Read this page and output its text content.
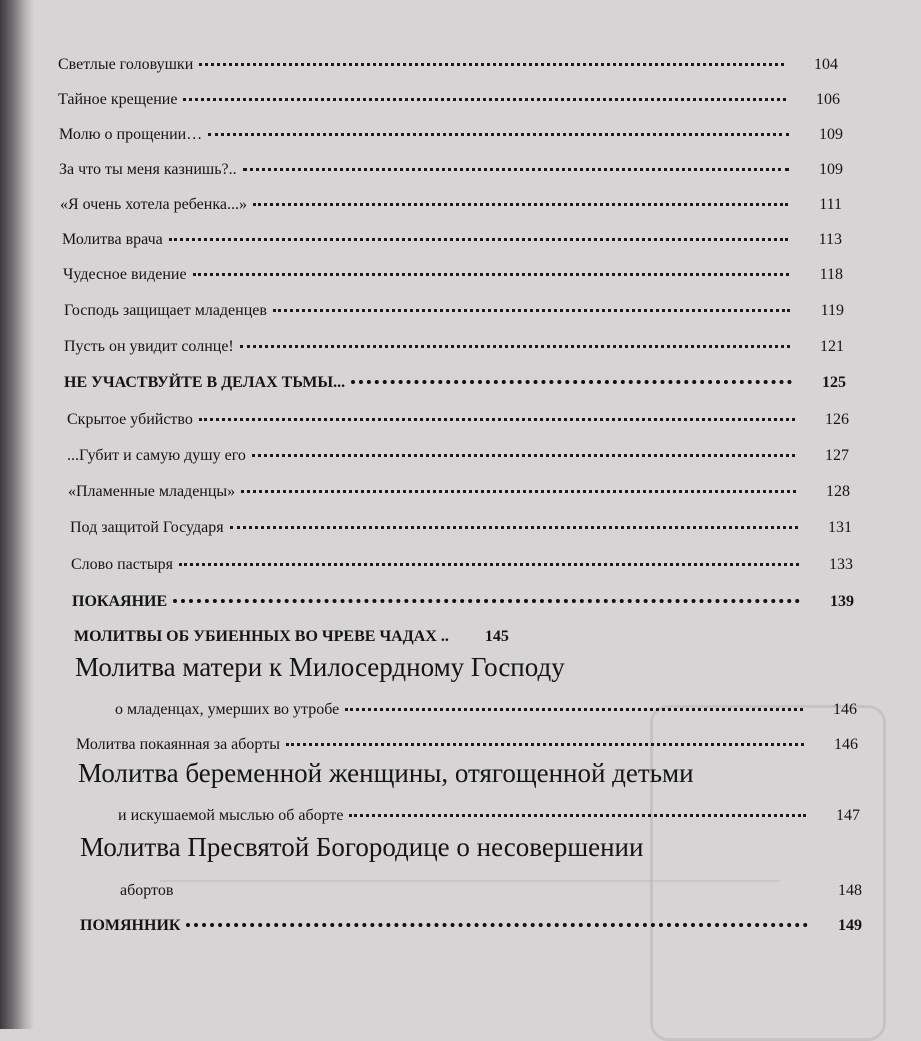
Светлые головушки	104
Тайное крещение	106
Молю о прощении…	109
За что ты меня казнишь?..	109
«Я очень хотела ребенка...»	111
Молитва врача	113
Чудесное видение	118
Господь защищает младенцев	119
Пусть он увидит солнце!	121
НЕ УЧАСТВУЙТЕ В ДЕЛАХ ТЬМЫ...	125
Скрытое убийство	126
...Губит и самую душу его	127
«Пламенные младенцы»	128
Под защитой Государя	131
Слово пастыря	133
ПОКАЯНИЕ	139
МОЛИТВЫ ОБ УБИЕННЫХ ВО ЧРЕВЕ ЧАДАХ ..	145
Молитва матери к Милосердному Господу
о младенцах, умерших во утробе	146
Молитва покаянная за аборты	146
Молитва беременной женщины, отягощенной детьми
и искушаемой мыслью об аборте	147
Молитва Пресвятой Богородице о несовершении
абортов	148
ПОМЯННИК	149
